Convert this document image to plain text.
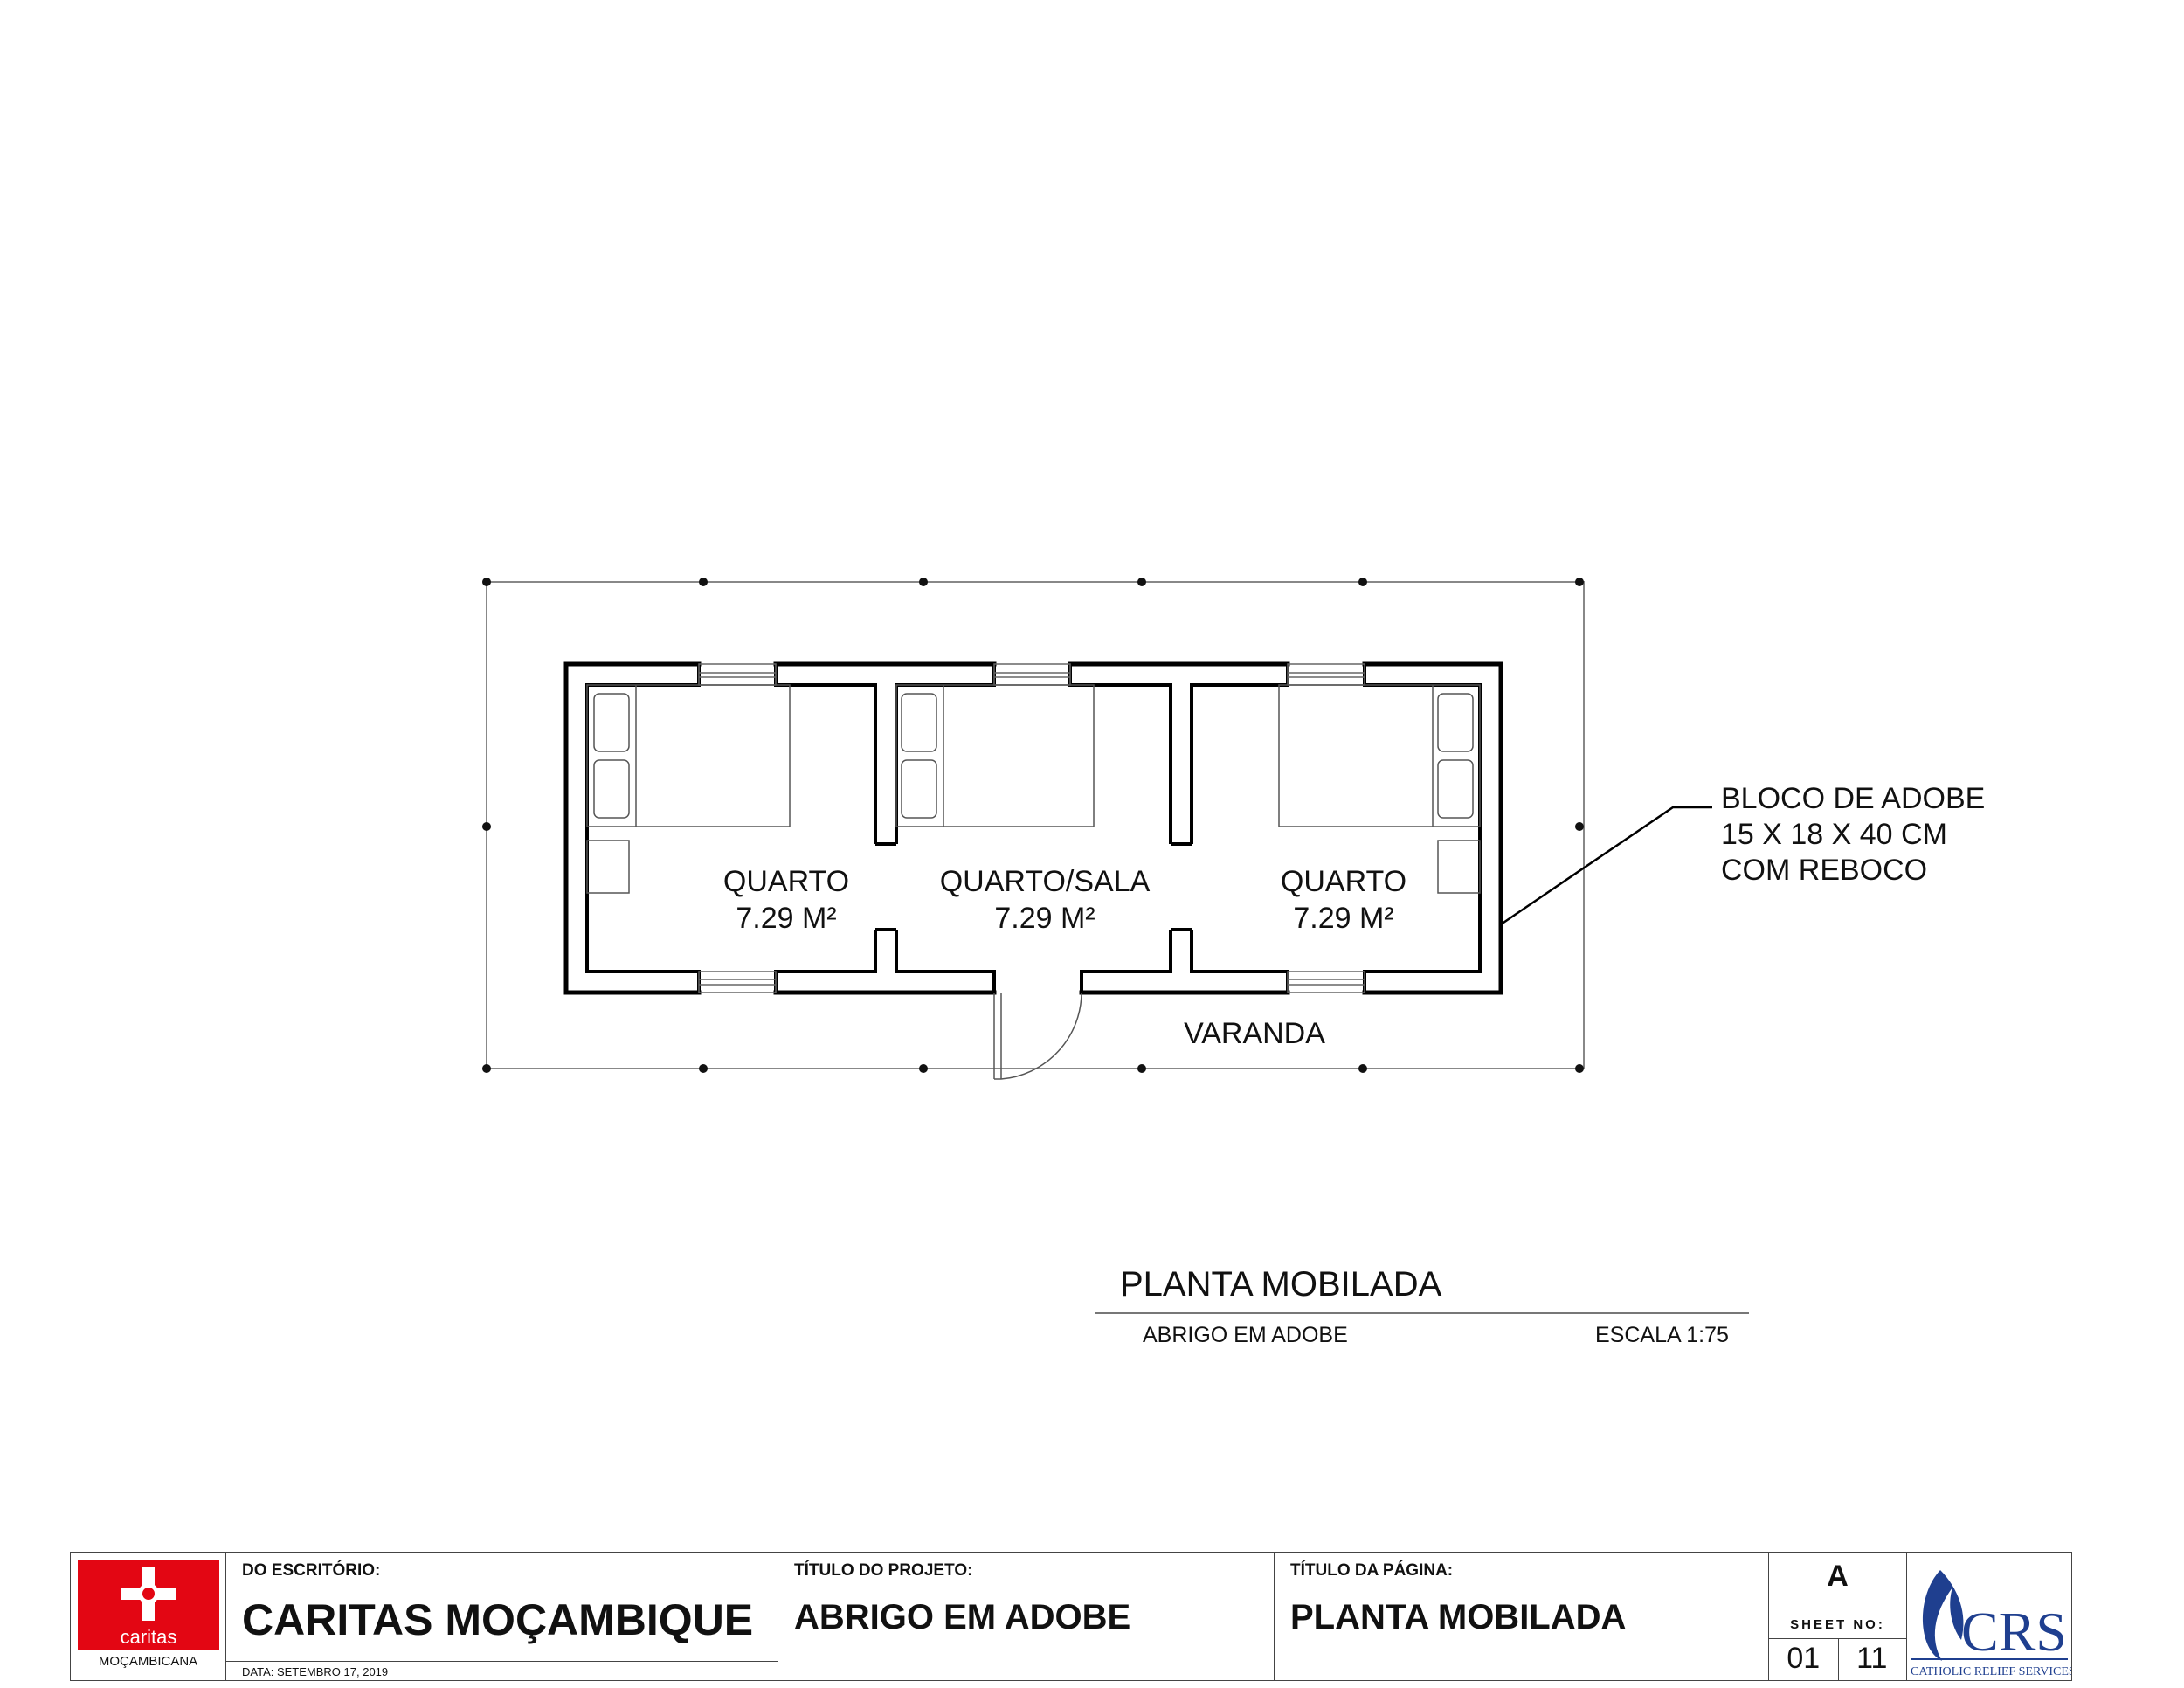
QUARTO
7.29 M²
QUARTO/SALA
7.29 M²
QUARTO
7.29 M²
VARANDA
BLOCO DE ADOBE
15 X 18 X 40 CM
COM REBOCO
PLANTA MOBILADA
ABRIGO EM ADOBE	ESCALA 1:75
caritas
MOÇAMBICANA
DO ESCRITÓRIO:
CARITAS MOÇAMBIQUE
DATA: SETEMBRO 17, 2019
TÍTULO DO PROJETO:
ABRIGO EM ADOBE
TÍTULO DA PÁGINA:
PLANTA MOBILADA
A
SHEET NO:
01	11	CRS
CATHOLIC RELIEF SERVICES
